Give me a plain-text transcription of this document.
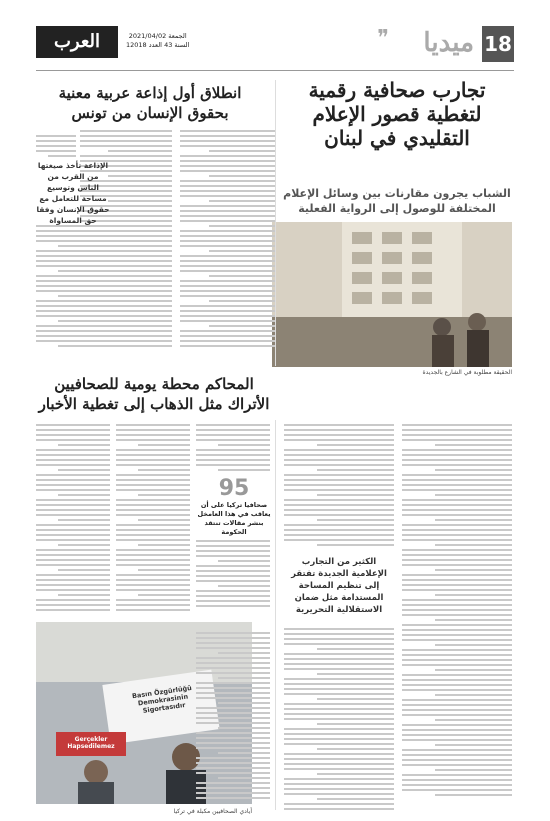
18
ميديا
❞
الجمعة 2021/04/02
السنة 43 العدد 12018
العرب
تجارب صحافية رقمية لتغطية قصور الإعلام التقليدي في لبنان
الشباب يجرون مقارنات بين وسائل الإعلام المختلفة للوصول إلى الرواية الفعلية
الحقيقة مطلوبة في الشارع بالجديدة
الكثير من التجارب الإعلامية الجديدة تفتقر إلى تنظيم المساحة المستدامة مثل ضمان الاستقلالية التحريرية
انطلاق أول إذاعة عربية معنية بحقوق الإنسان من تونس
الإذاعة تأخذ صيغتها من القرب من الناس وتوسيع مساحة للتعامل مع حقوق الإنسان وفقا حق المساواة
المحاكم محطة يومية للصحافيين الأتراك مثل الذهاب إلى تغطية الأخبار
95
صحافيا تركيا على أن يعاقب في هذا العامخل بنشر مقالات تنتقد الحكومة
Basın Özgürlüğü Demokrasinin Sigortasıdır
Gerçekler Hapsedilemez
أيادي الصحافيين مكبلة في تركيا
